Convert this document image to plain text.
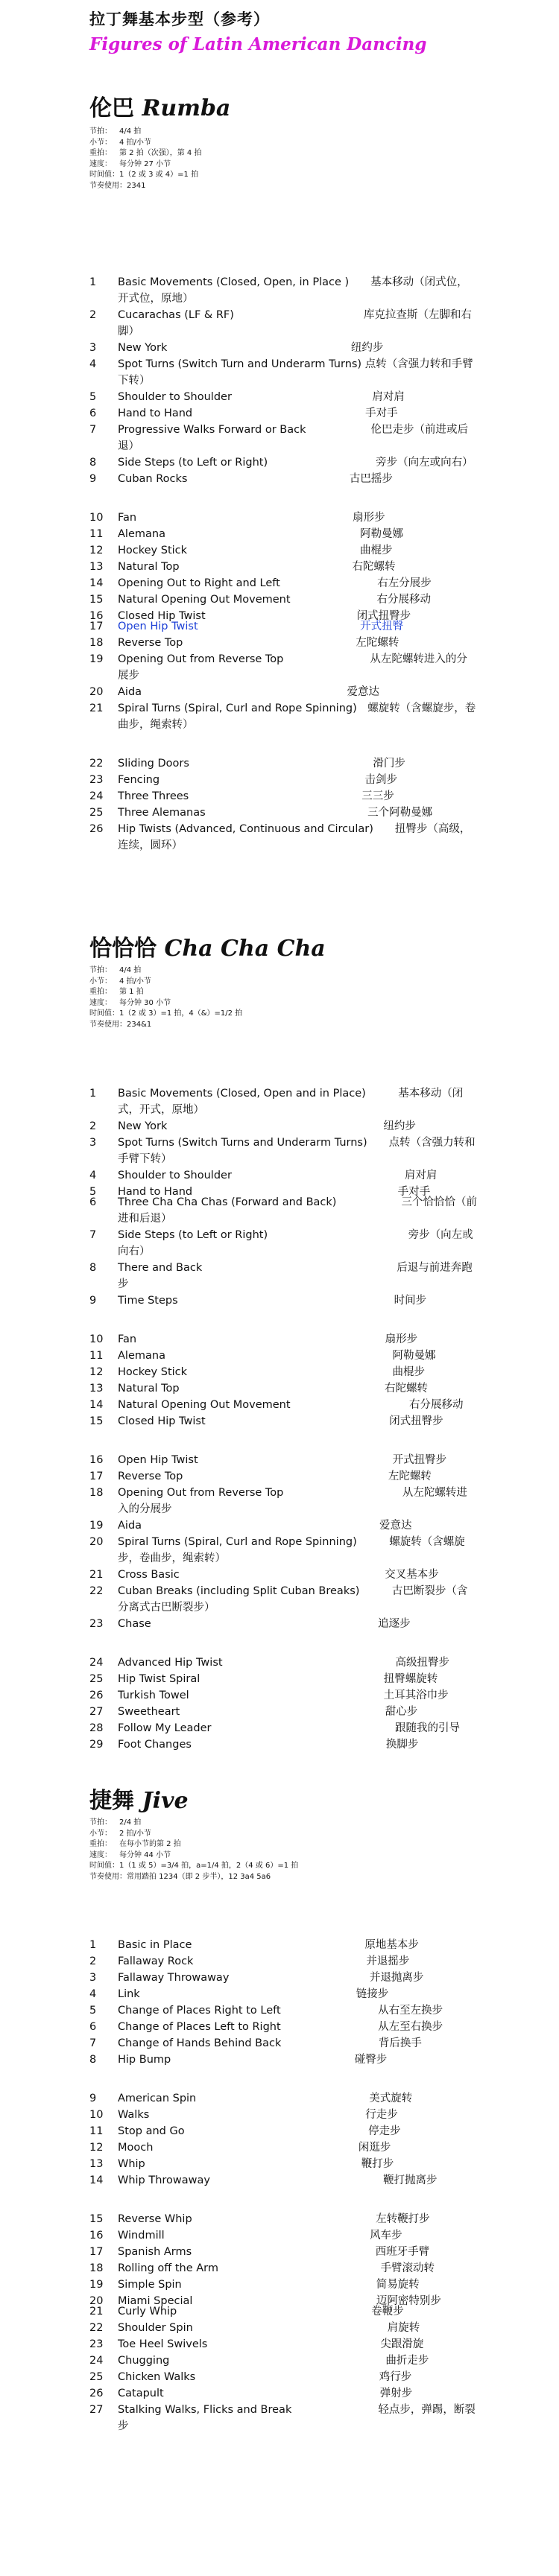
拉丁舞基本步型（参考）
Figures of Latin American Dancing
伦巴 Rumba
节拍： 4/4 拍
小节： 4 拍/小节
重拍： 第 2 拍（次强），第 4 拍
速度： 每分钟 27 小节
时间值：1（2 或 3 或 4）=1 拍
节奏使用：2341
1	Basic Movements (Closed, Open, in Place )　　基本移动（闭式位，开式位，原地）
2	Cucarachas (LF & RF)　　　　　　　　　　　　库克拉查斯（左脚和右脚）
3	New York　　　　　　　　　　　　　　　　　纽约步
4	Spot Turns (Switch Turn and Underarm Turns) 点转（含强力转和手臂下转）
5	Shoulder to Shoulder　　　　　　　　　　　　　肩对肩
6	Hand to Hand　　　　　　　　　　　　　　　　手对手
7	Progressive Walks Forward or Back　　　　　　伦巴走步（前进或后退）
8	Side Steps (to Left or Right)　　　　　　　　　　旁步（向左或向右）
9	Cuban Rocks　　　　　　　　　　　　　　　古巴摇步
10	Fan　　　　　　　　　　　　　　　　　　　　扇形步
11	Alemana　　　　　　　　　　　　　　　　　　阿勒曼娜
12	Hockey Stick　　　　　　　　　　　　　　　　曲棍步
13	Natural Top　　　　　　　　　　　　　　　　右陀螺转
14	Opening Out to Right and Left　　　　　　　　　右左分展步
15	Natural Opening Out Movement　　　　　　　　右分展移动
16	Closed Hip Twist　　　　　　　　　　　　　　闭式扭臀步
17	Open Hip Twist　　　　　　　　　　　　　　　开式扭臀
18	Reverse Top　　　　　　　　　　　　　　　　左陀螺转
19	Opening Out from Reverse Top　　　　　　　　从左陀螺转进入的分展步
20	Aida　　　　　　　　　　　　　　　　　　　爱意达
21	Spiral Turns (Spiral, Curl and Rope Spinning)　螺旋转（含螺旋步，卷曲步，绳索转）
22	Sliding Doors　　　　　　　　　　　　　　　　　滑门步
23	Fencing　　　　　　　　　　　　　　　　　　　击剑步
24	Three Threes　　　　　　　　　　　　　　　　三三步
25	Three Alemanas　　　　　　　　　　　　　　　三个阿勒曼娜
26	Hip Twists (Advanced, Continuous and Circular)　　扭臀步（高级，连续，圆环）
恰恰恰 Cha Cha Cha
节拍： 4/4 拍
小节： 4 拍/小节
重拍： 第 1 拍
速度： 每分钟 30 小节
时间值：1（2 或 3）=1 拍，4（&）=1/2 拍
节奏使用：234&1
1	Basic Movements (Closed, Open and in Place)　　　基本移动（闭式，开式，原地）
2	New York　　　　　　　　　　　　　　　　　　　　纽约步
3	Spot Turns (Switch Turns and Underarm Turns)　　点转（含强力转和手臂下转）
4	Shoulder to Shoulder　　　　　　　　　　　　　　　　肩对肩
5	Hand to Hand　　　　　　　　　　　　　　　　　　　手对手
6	Three Cha Cha Chas (Forward and Back)　　　　　　三个恰恰恰（前进和后退）
7	Side Steps (to Left or Right)　　　　　　　　　　　　　旁步（向左或向右）
8	There and Back　　　　　　　　　　　　　　　　　　后退与前进奔跑步
9	Time Steps　　　　　　　　　　　　　　　　　　　　时间步
10	Fan　　　　　　　　　　　　　　　　　　　　　　　扇形步
11	Alemana　　　　　　　　　　　　　　　　　　　　　阿勒曼娜
12	Hockey Stick　　　　　　　　　　　　　　　　　　　曲棍步
13	Natural Top　　　　　　　　　　　　　　　　　　　右陀螺转
14	Natural Opening Out Movement　　　　　　　　　　　右分展移动
15	Closed Hip Twist　　　　　　　　　　　　　　　　　闭式扭臀步
16	Open Hip Twist　　　　　　　　　　　　　　　　　　开式扭臀步
17	Reverse Top　　　　　　　　　　　　　　　　　　　左陀螺转
18	Opening Out from Reverse Top　　　　　　　　　　　从左陀螺转进入的分展步
19	Aida　　　　　　　　　　　　　　　　　　　　　　爱意达
20	Spiral Turns (Spiral, Curl and Rope Spinning)　　　螺旋转（含螺旋步，卷曲步，绳索转）
21	Cross Basic　　　　　　　　　　　　　　　　　　　交叉基本步
22	Cuban Breaks (including Split Cuban Breaks)　　　古巴断裂步（含分离式古巴断裂步）
23	Chase　　　　　　　　　　　　　　　　　　　　　追逐步
24	Advanced Hip Twist　　　　　　　　　　　　　　　　高级扭臀步
25	Hip Twist Spiral　　　　　　　　　　　　　　　　　扭臀螺旋转
26	Turkish Towel　　　　　　　　　　　　　　　　　　土耳其浴巾步
27	Sweetheart　　　　　　　　　　　　　　　　　　　甜心步
28	Follow My Leader　　　　　　　　　　　　　　　　　跟随我的引导
29	Foot Changes　　　　　　　　　　　　　　　　　　换脚步
捷舞 Jive
节拍： 2/4 拍
小节： 2 拍/小节
重拍： 在每小节的第 2 拍
速度： 每分钟 44 小节
时间值：1（1 或 5）=3/4 拍，a=1/4 拍，2（4 或 6）=1 拍
节奏使用：常用踏拍 1234（即 2 步半），12 3a4 5a6
1	Basic in Place　　　　　　　　　　　　　　　　原地基本步
2	Fallaway Rock　　　　　　　　　　　　　　　　并退摇步
3	Fallaway Throwaway　　　　　　　　　　　　　并退抛离步
4	Link　　　　　　　　　　　　　　　　　　　　链接步
5	Change of Places Right to Left　　　　　　　　　从右至左换步
6	Change of Places Left to Right　　　　　　　　　从左至右换步
7	Change of Hands Behind Back　　　　　　　　　背后换手
8	Hip Bump　　　　　　　　　　　　　　　　　碰臀步
9	American Spin　　　　　　　　　　　　　　　　美式旋转
10	Walks　　　　　　　　　　　　　　　　　　　　行走步
11	Stop and Go　　　　　　　　　　　　　　　　　停走步
12	Mooch　　　　　　　　　　　　　　　　　　　闲逛步
13	Whip　　　　　　　　　　　　　　　　　　　　鞭打步
14	Whip Throwaway　　　　　　　　　　　　　　　　鞭打抛离步
15	Reverse Whip　　　　　　　　　　　　　　　　　左转鞭打步
16	Windmill　　　　　　　　　　　　　　　　　　　风车步
17	Spanish Arms　　　　　　　　　　　　　　　　　西班牙手臂
18	Rolling off the Arm　　　　　　　　　　　　　　　手臂滚动转
19	Simple Spin　　　　　　　　　　　　　　　　　　简易旋转
20	Miami Special　　　　　　　　　　　　　　　　　迈阿密特别步
21	Curly Whip　　　　　　　　　　　　　　　　　　卷鞭步
22	Shoulder Spin　　　　　　　　　　　　　　　　　　肩旋转
23	Toe Heel Swivels　　　　　　　　　　　　　　　　尖跟滑旋
24	Chugging　　　　　　　　　　　　　　　　　　　　曲折走步
25	Chicken Walks　　　　　　　　　　　　　　　　　鸡行步
26	Catapult　　　　　　　　　　　　　　　　　　　　弹射步
27	Stalking Walks, Flicks and Break　　　　　　　　轻点步，弹踢，断裂步
